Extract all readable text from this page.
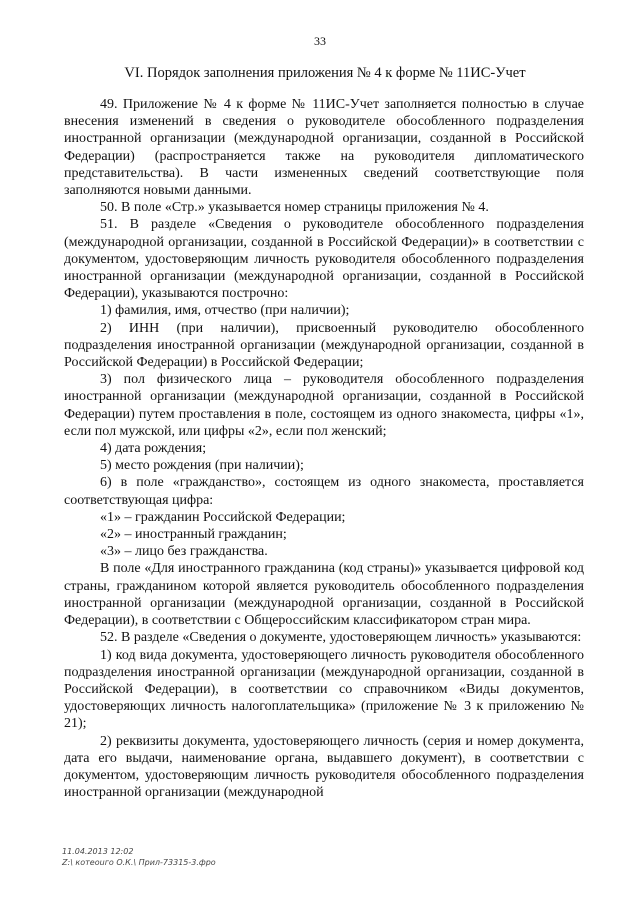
33
VI. Порядок заполнения приложения № 4 к форме № 11ИС-Учет

49. Приложение № 4 к форме № 11ИС-Учет заполняется полностью в случае внесения изменений в сведения о руководителе обособленного подразделения иностранной организации (международной организации, созданной в Российской Федерации) (распространяется также на руководителя дипломатического представительства). В части измененных сведений соответствующие поля заполняются новыми данными.

50. В поле «Стр.» указывается номер страницы приложения № 4.

51. В разделе «Сведения о руководителе обособленного подразделения (международной организации, созданной в Российской Федерации)» в соответствии с документом, удостоверяющим личность руководителя обособленного подразделения иностранной организации (международной организации, созданной в Российской Федерации), указываются построчно:

1) фамилия, имя, отчество (при наличии);

2) ИНН (при наличии), присвоенный руководителю обособленного подразделения иностранной организации (международной организации, созданной в Российской Федерации) в Российской Федерации;

3) пол физического лица – руководителя обособленного подразделения иностранной организации (международной организации, созданной в Российской Федерации) путем проставления в поле, состоящем из одного знакоместа, цифры «1», если пол мужской, или цифры «2», если пол женский;

4) дата рождения;

5) место рождения (при наличии);

6) в поле «гражданство», состоящем из одного знакоместа, проставляется соответствующая цифра:

«1» – гражданин Российской Федерации;

«2» – иностранный гражданин;

«3» – лицо без гражданства.

В поле «Для иностранного гражданина (код страны)» указывается цифровой код страны, гражданином которой является руководитель обособленного подразделения иностранной организации (международной организации, созданной в Российской Федерации), в соответствии с Общероссийским классификатором стран мира.

52. В разделе «Сведения о документе, удостоверяющем личность» указываются:

1) код вида документа, удостоверяющего личность руководителя обособленного подразделения иностранной организации (международной организации, созданной в Российской Федерации), в соответствии со справочником «Виды документов, удостоверяющих личность налогоплательщика» (приложение № 3 к приложению № 21);

2) реквизиты документа, удостоверяющего личность (серия и номер документа, дата его выдачи, наименование органа, выдавшего документ), в соответствии с документом, удостоверяющим личность руководителя обособленного подразделения иностранной организации (международной

11.04.2013 12:02
Z:\ котеоuго О.К.\ Прил-73315-3.фро
